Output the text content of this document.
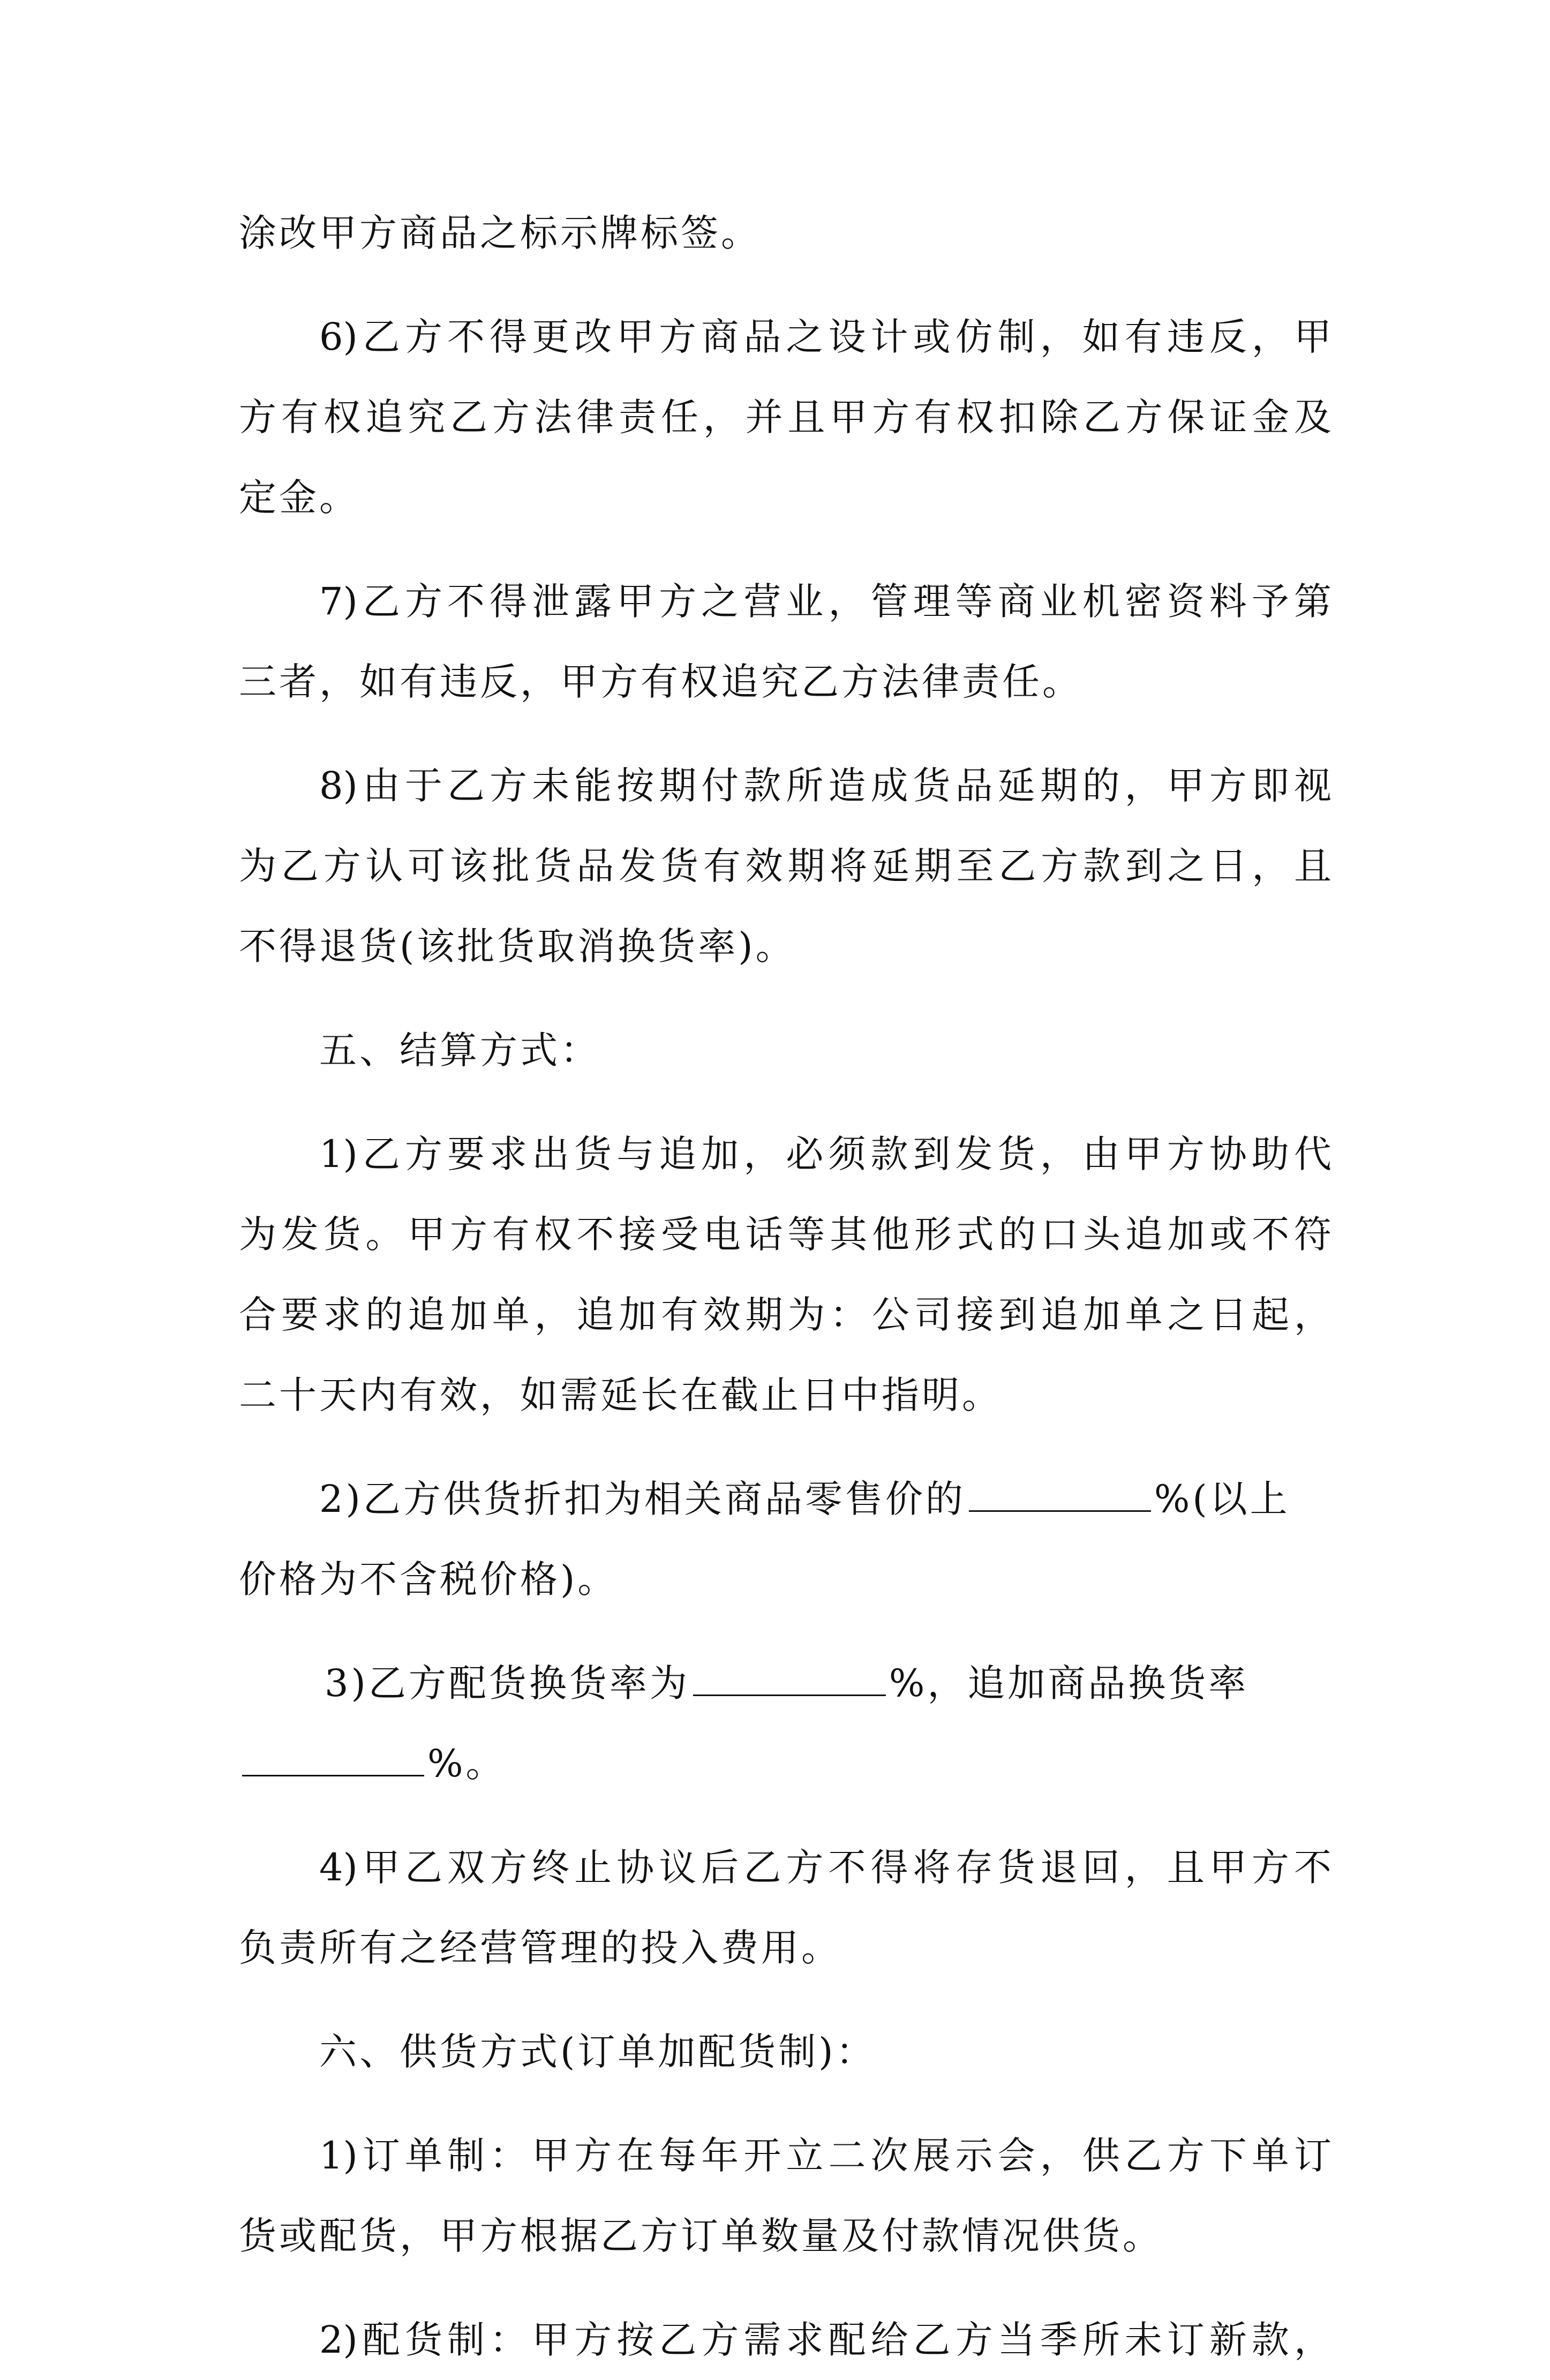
涂改甲方商品之标示牌标签。
6)乙方不得更改甲方商品之设计或仿制，如有违反，甲
方有权追究乙方法律责任，并且甲方有权扣除乙方保证金及
定金。
7)乙方不得泄露甲方之营业，管理等商业机密资料予第
三者，如有违反，甲方有权追究乙方法律责任。
8)由于乙方未能按期付款所造成货品延期的，甲方即视
为乙方认可该批货品发货有效期将延期至乙方款到之日，且
不得退货(该批货取消换货率)。
五、结算方式：
1)乙方要求出货与追加，必须款到发货，由甲方协助代
为发货。甲方有权不接受电话等其他形式的口头追加或不符
合要求的追加单，追加有效期为：公司接到追加单之日起，
二十天内有效，如需延长在截止日中指明。
2)乙方供货折扣为相关商品零售价的	%(以上
价格为不含税价格)。
3)乙方配货换货率为	%，追加商品换货率
%。
4)甲乙双方终止协议后乙方不得将存货退回，且甲方不
负责所有之经营管理的投入费用。
六、供货方式(订单加配货制)：
1)订单制：甲方在每年开立二次展示会，供乙方下单订
货或配货，甲方根据乙方订单数量及付款情况供货。
2)配货制：甲方按乙方需求配给乙方当季所未订新款，
